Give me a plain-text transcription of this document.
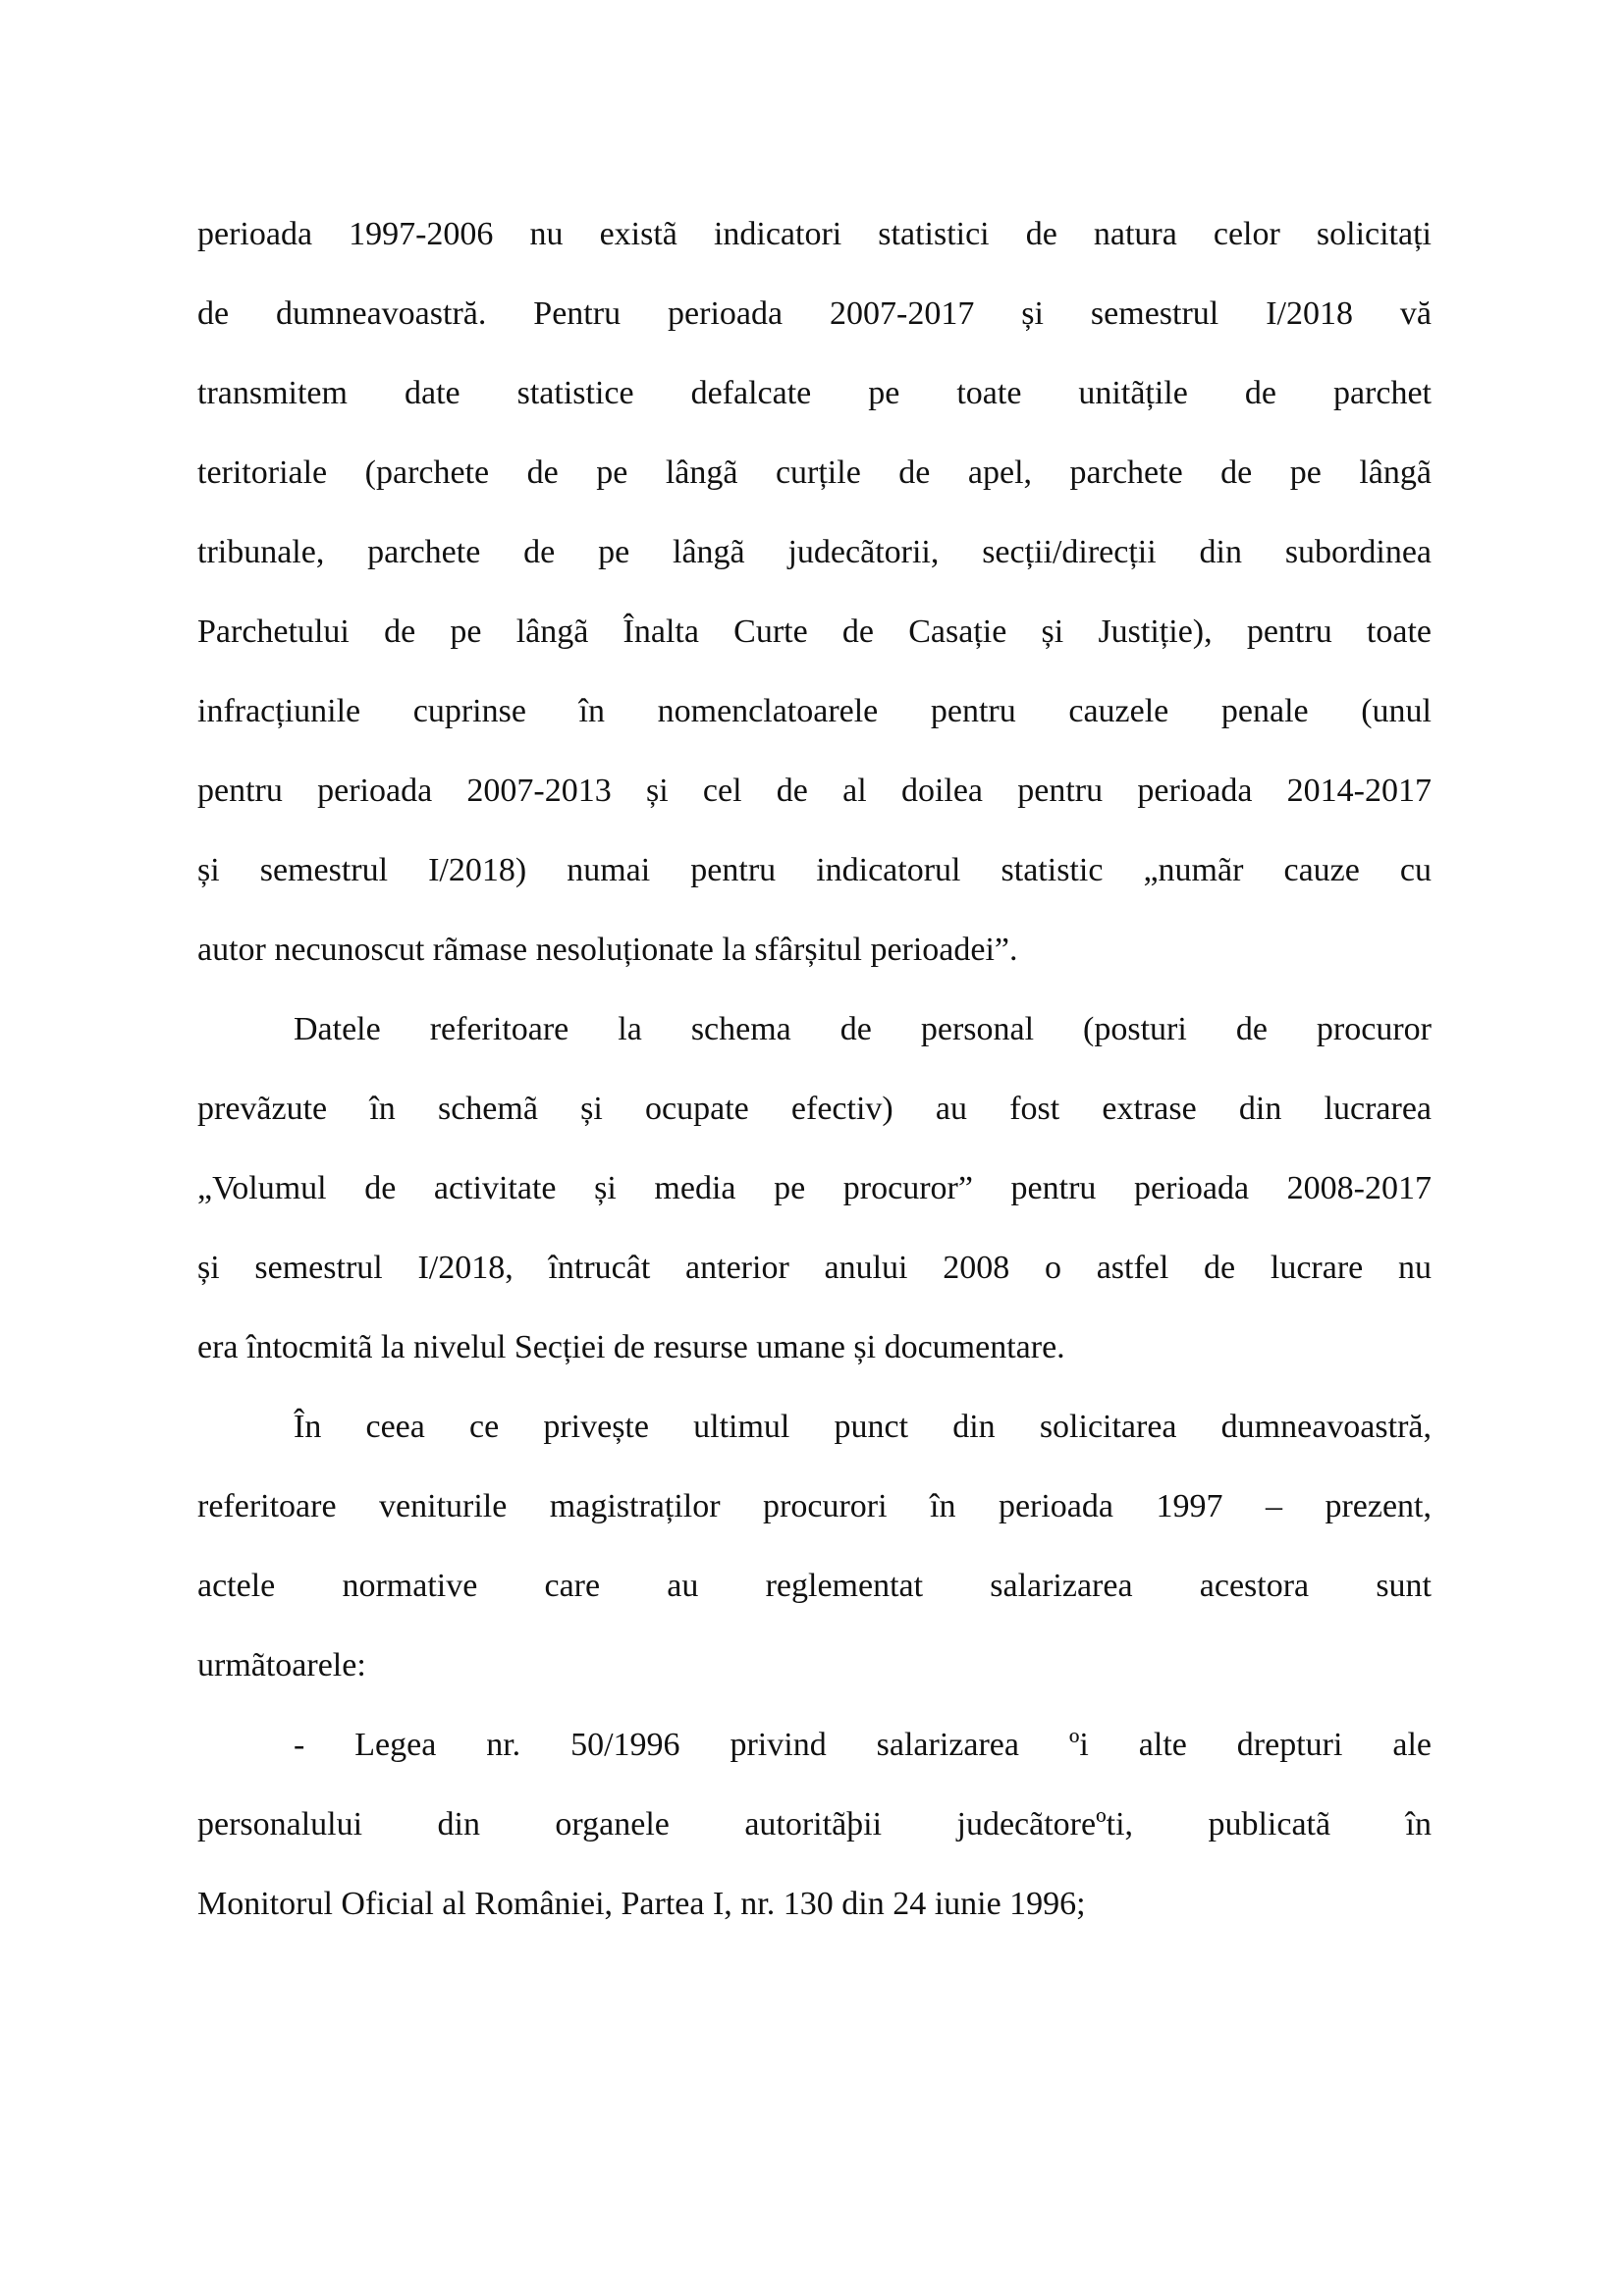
perioada 1997-2006 nu existã indicatori statistici de natura celor solicitați
de dumneavoastră. Pentru perioada 2007-2017 și semestrul I/2018 vă
transmitem date statistice defalcate pe toate unitãțile de parchet
teritoriale (parchete de pe lângã curțile de apel, parchete de pe lângã
tribunale, parchete de pe lângã judecãtorii, secții/direcții din subordinea
Parchetului de pe lângã Înalta Curte de Casație și Justiție), pentru toate
infracțiunile cuprinse în nomenclatoarele pentru cauzele penale (unul
pentru perioada 2007-2013 și cel de al doilea pentru perioada 2014-2017
și semestrul I/2018) numai pentru indicatorul statistic „numãr cauze cu
autor necunoscut rãmase nesoluționate la sfârșitul perioadei”.
Datele referitoare la schema de personal (posturi de procuror
prevãzute în schemã și ocupate efectiv) au fost extrase din lucrarea
„Volumul de activitate și media pe procuror” pentru perioada 2008-2017
și semestrul I/2018, întrucât anterior anului 2008 o astfel de lucrare nu
era întocmitã la nivelul Secției de resurse umane și documentare.
În ceea ce privește ultimul punct din solicitarea dumneavoastră,
referitoare veniturile magistraților procurori în perioada 1997 – prezent,
actele normative care au reglementat salarizarea acestora sunt
urmãtoarele:
- Legea nr. 50/1996 privind salarizarea ºi alte drepturi ale
personalului din organele autoritãþii judecãtoreºti, publicatã în
Monitorul Oficial al României, Partea I, nr. 130 din 24 iunie 1996;
